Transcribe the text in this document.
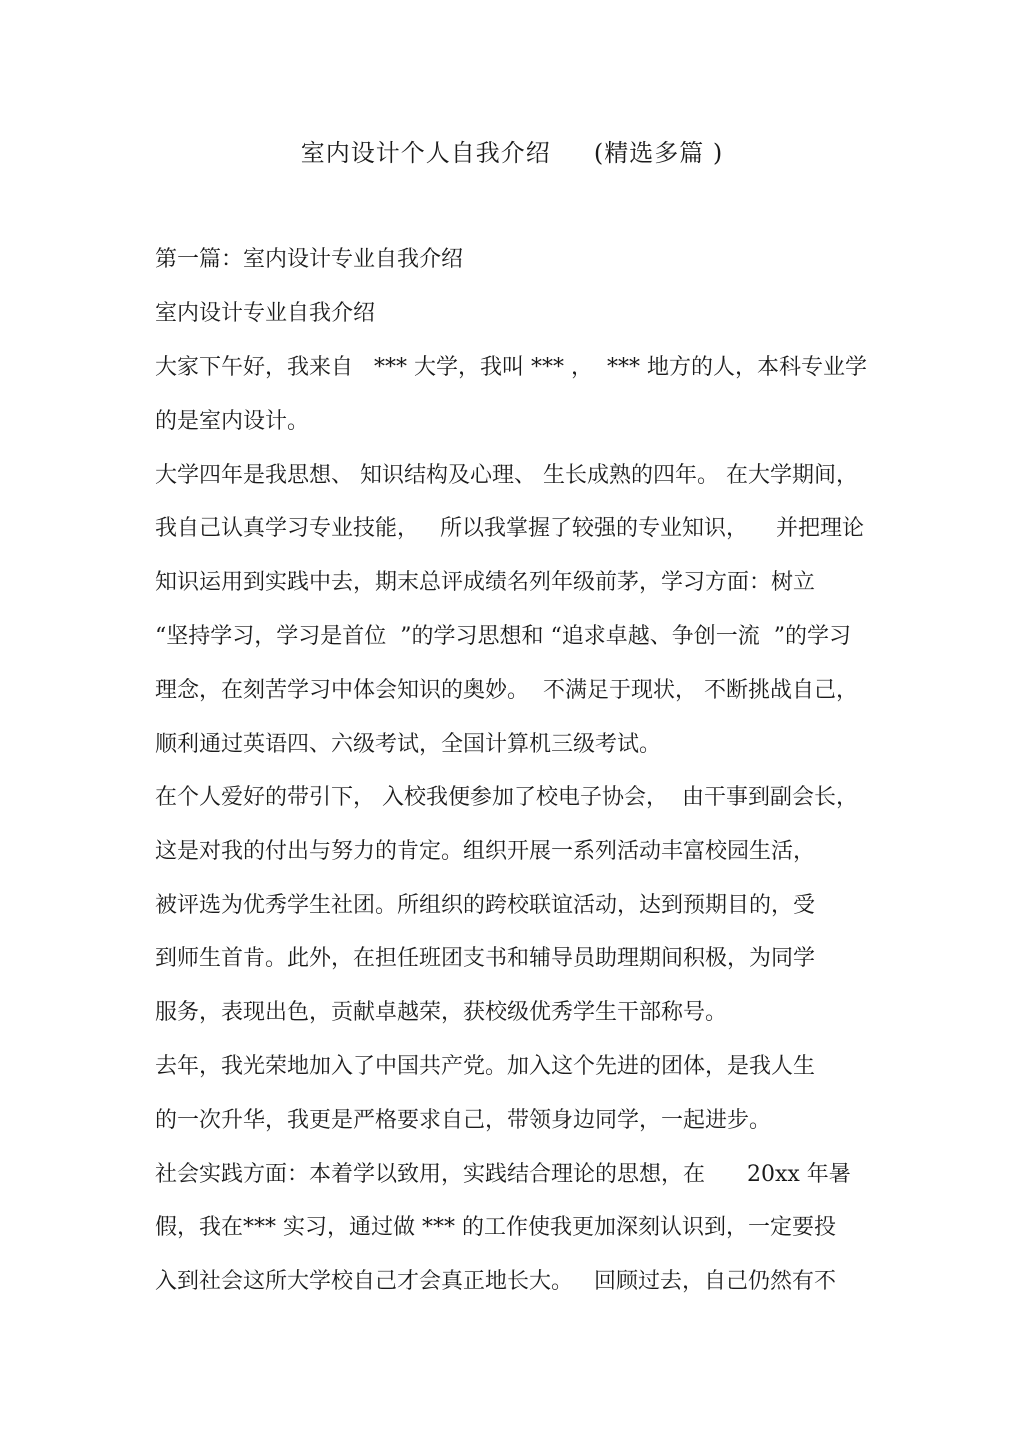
室内设计个人自我介绍     (精选多篇 )
第一篇：室内设计专业自我介绍
室内设计专业自我介绍
大家下午好，我来自   *** 大学，我叫 *** ，  *** 地方的人，本科专业学
的是室内设计。
大学四年是我思想、 知识结构及心理、 生长成熟的四年。 在大学期间，
我自己认真学习专业技能，   所以我掌握了较强的专业知识，    并把理论
知识运用到实践中去，期末总评成绩名列年级前茅，学习方面：树立
“坚持学习，学习是首位  ”的学习思想和 “追求卓越、争创一流  ”的学习
理念，在刻苦学习中体会知识的奥妙。  不满足于现状， 不断挑战自己，
顺利通过英语四、六级考试，全国计算机三级考试。
在个人爱好的带引下， 入校我便参加了校电子协会，  由干事到副会长，
这是对我的付出与努力的肯定。组织开展一系列活动丰富校园生活，
被评选为优秀学生社团。所组织的跨校联谊活动，达到预期目的，受
到师生首肯。此外，在担任班团支书和辅导员助理期间积极，为同学
服务，表现出色，贡献卓越荣，获校级优秀学生干部称号。
去年，我光荣地加入了中国共产党。加入这个先进的团体，是我人生
的一次升华，我更是严格要求自己，带领身边同学，一起进步。
社会实践方面：本着学以致用，实践结合理论的思想，在      20xx 年暑
假，我在*** 实习，通过做 *** 的工作使我更加深刻认识到，一定要投
入到社会这所大学校自己才会真正地长大。   回顾过去，自己仍然有不
